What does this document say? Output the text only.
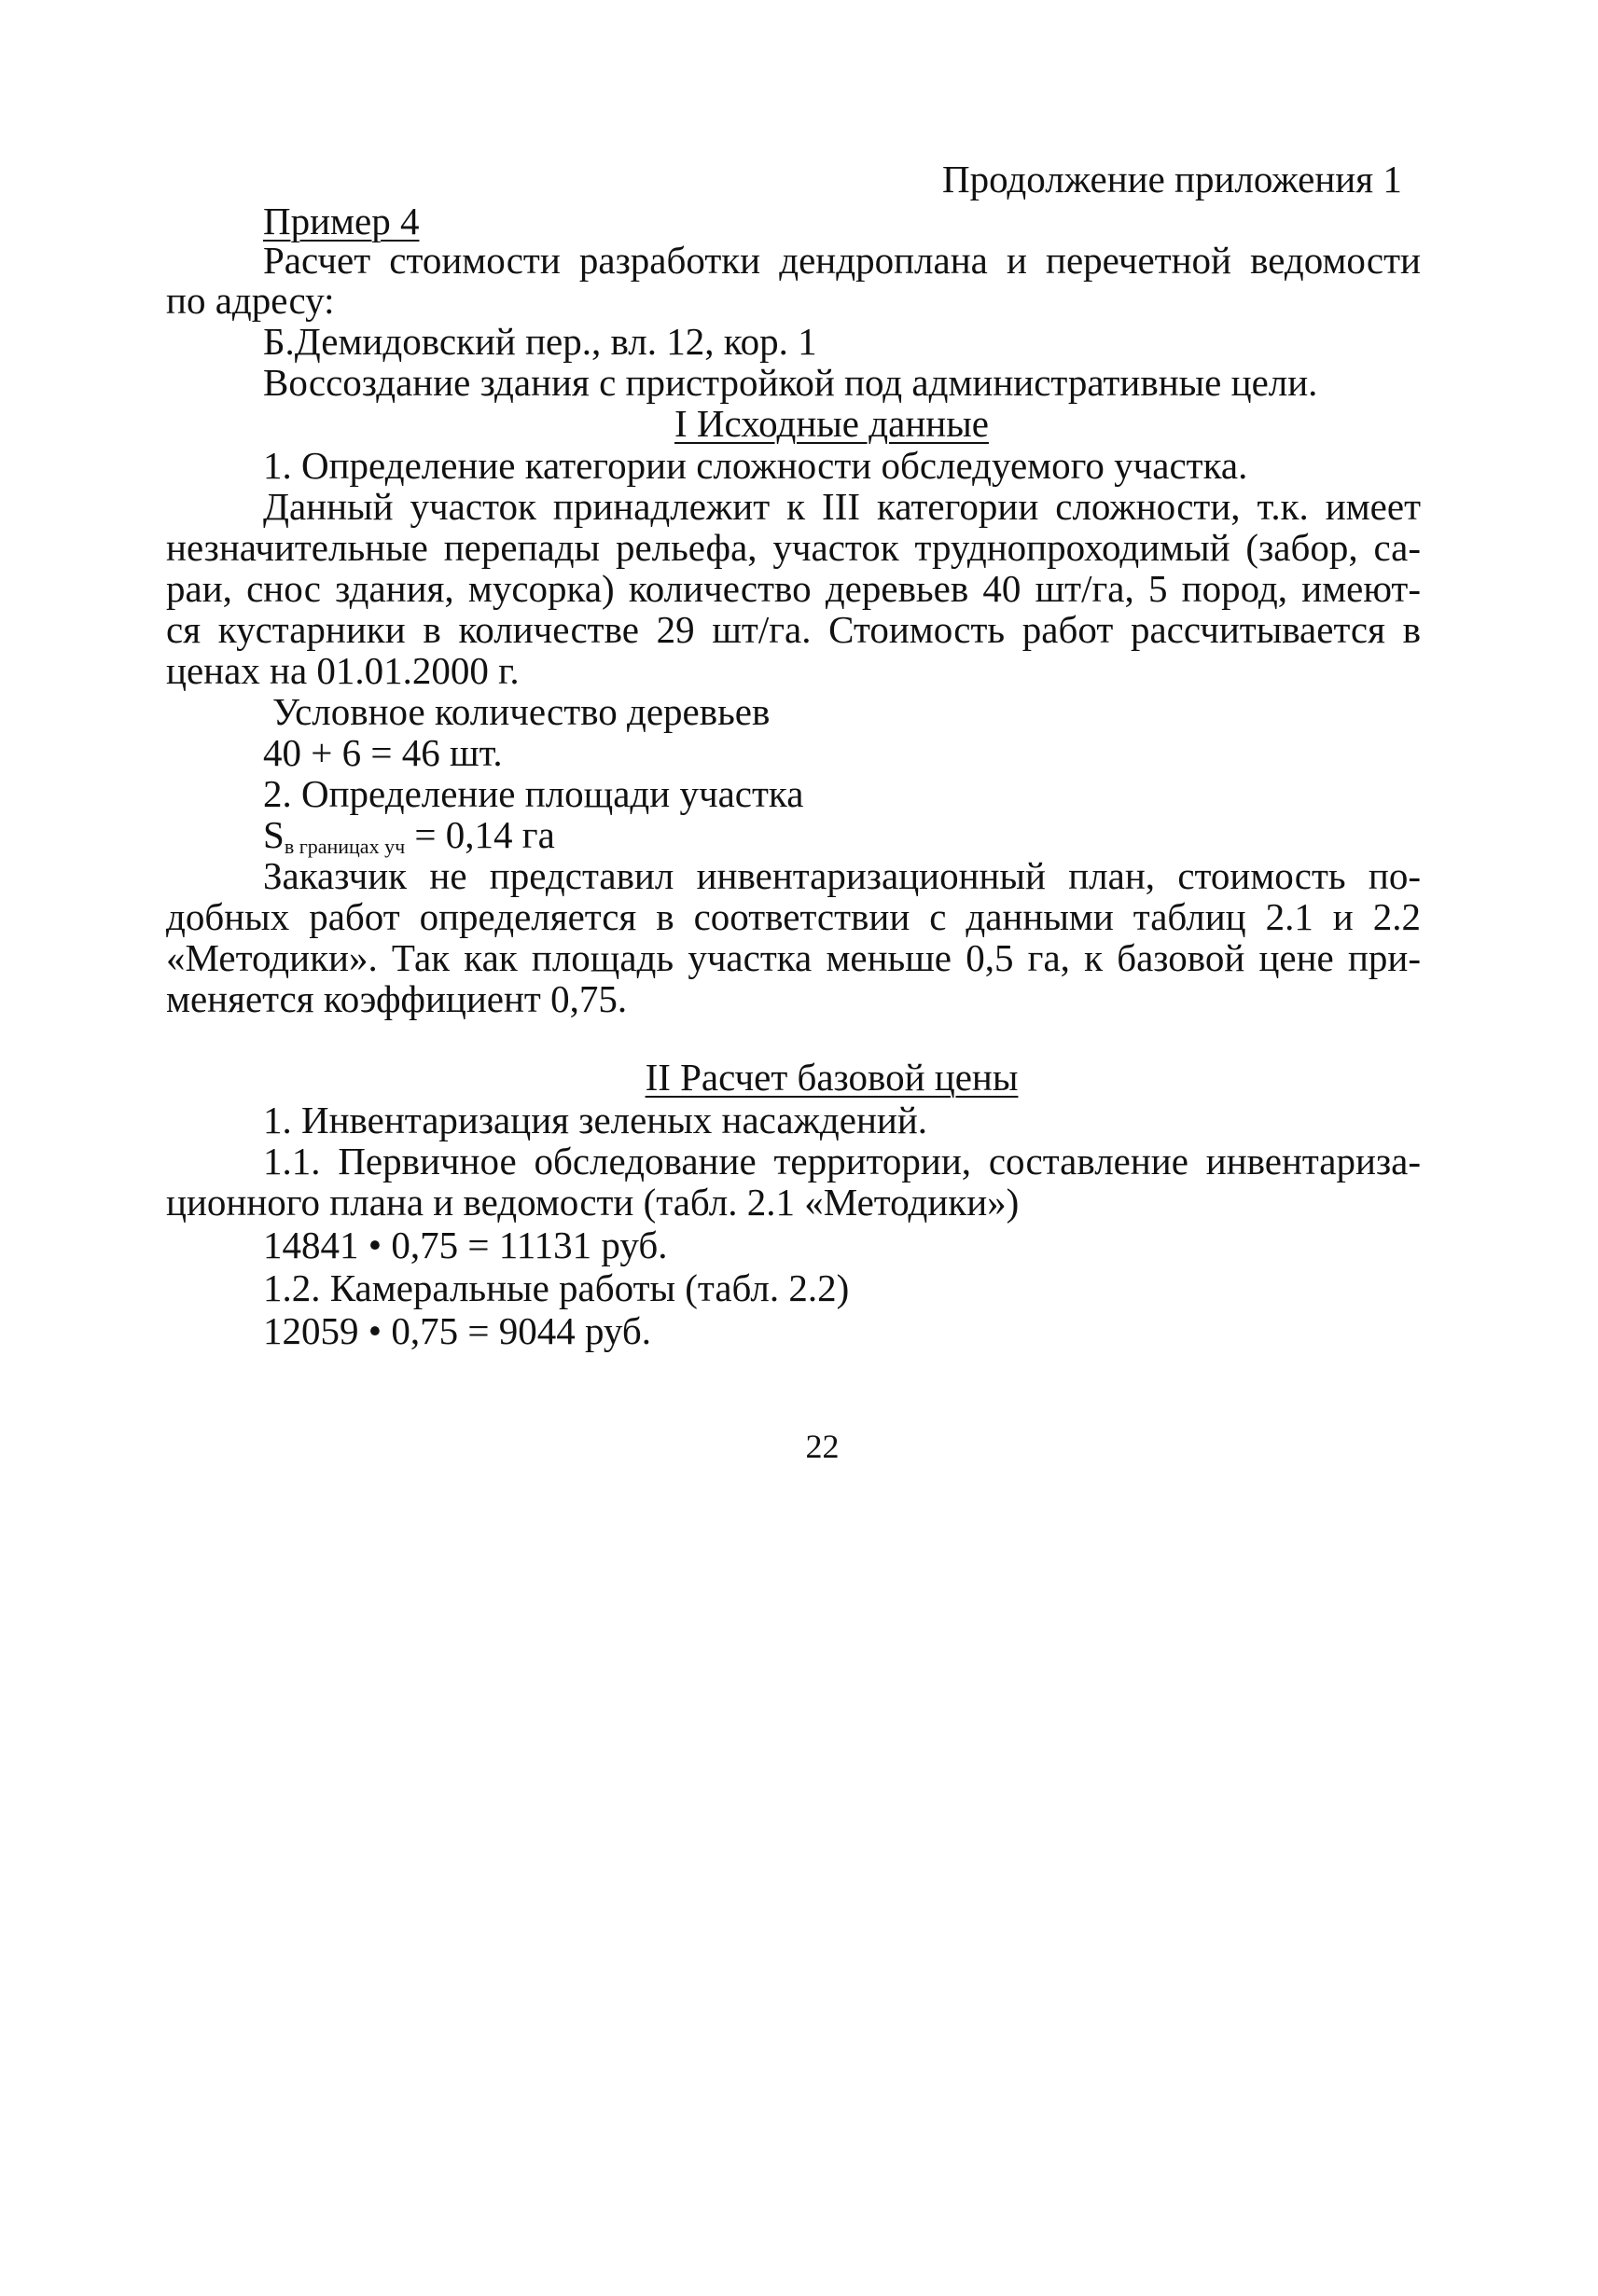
Продолжение приложения 1
Пример 4
Расчет стоимости разработки дендроплана и перечетной ведомости
по адресу:
Б.Демидовский пер., вл. 12, кор. 1
Воссоздание здания с пристройкой под административные цели.
I Исходные данные
1. Определение категории сложности обследуемого участка.
Данный участок принадлежит к III категории сложности, т.к. имеет
незначительные перепады рельефа, участок труднопроходимый (забор, са-
раи, снос здания, мусорка) количество деревьев 40 шт/га, 5 пород, имеют-
ся кустарники в количестве 29 шт/га. Стоимость работ рассчитывается в
ценах на 01.01.2000 г.
Условное количество деревьев
40 + 6 = 46 шт.
2. Определение площади участка
$S_{в границах уч} = 0,14$ га
Заказчик не представил инвентаризационный план, стоимость по-
добных работ определяется в соответствии с данными таблиц 2.1 и 2.2
«Методики». Так как площадь участка меньше 0,5 га, к базовой цене при-
меняется коэффициент 0,75.
II Расчет базовой цены
1. Инвентаризация зеленых насаждений.
1.1. Первичное обследование территории, составление инвентариза-
ционного плана и ведомости (табл. 2.1 «Методики»)
14841 • 0,75 = 11131 руб.
1.2. Камеральные работы (табл. 2.2)
12059 • 0,75 = 9044 руб.
22
